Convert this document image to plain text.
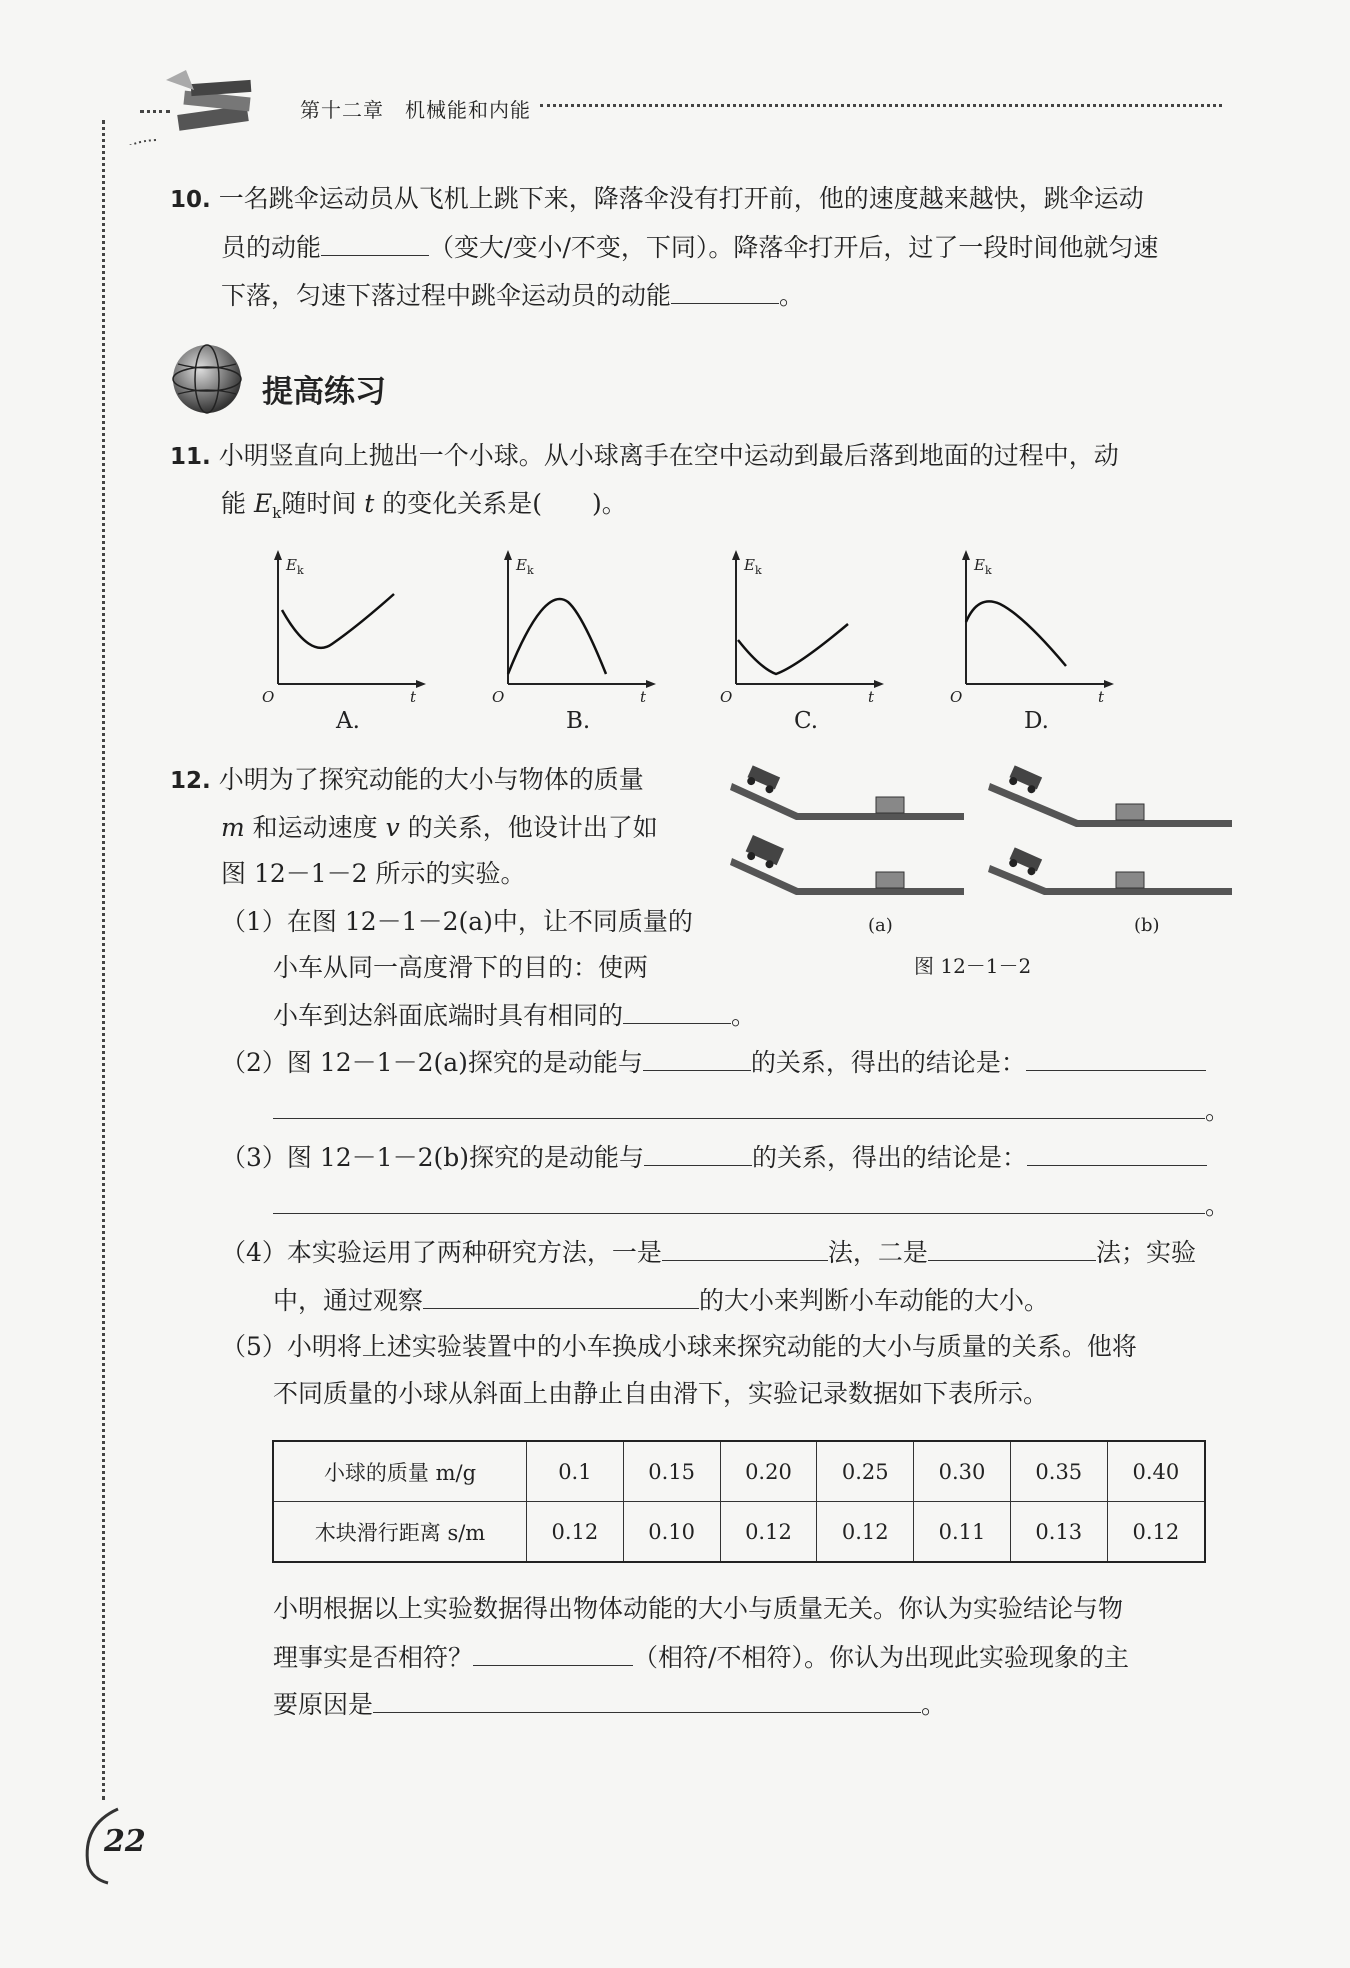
第十二章　机械能和内能
10. 一名跳伞运动员从飞机上跳下来，降落伞没有打开前，他的速度越来越快，跳伞运动
员的动能	（变大/变小/不变，下同）。降落伞打开后，过了一段时间他就匀速
下落，匀速下落过程中跳伞运动员的动能	。
提高练习
11. 小明竖直向上抛出一个小球。从小球离手在空中运动到最后落到地面的过程中，动
能 $E_k$随时间 t 的变化关系是(　　)。
$E_k$
O	t
A.
$E_k$
O	t
B.
$E_k$
O	t
C.
$E_k$
O	t
D.
12. 小明为了探究动能的大小与物体的质量
m 和运动速度 v 的关系，他设计出了如
图 12－1－2 所示的实验。
(a)	(b)
图 12－1－2
（1）在图 12－1－2(a)中，让不同质量的
小车从同一高度滑下的目的：使两
小车到达斜面底端时具有相同的	。
（2）图 12－1－2(a)探究的是动能与	的关系，得出的结论是：
。
（3）图 12－1－2(b)探究的是动能与	的关系，得出的结论是：
。
（4）本实验运用了两种研究方法，一是	法，二是	法；实验
中，通过观察	的大小来判断小车动能的大小。
（5）小明将上述实验装置中的小车换成小球来探究动能的大小与质量的关系。他将
不同质量的小球从斜面上由静止自由滑下，实验记录数据如下表所示。
小球的质量 m/g	0.1	0.15	0.20	0.25	0.30	0.35	0.40
木块滑行距离 s/m	0.12	0.10	0.12	0.12	0.11	0.13	0.12
小明根据以上实验数据得出物体动能的大小与质量无关。你认为实验结论与物
理事实是否相符？	（相符/不相符）。你认为出现此实验现象的主
要原因是	。
22
